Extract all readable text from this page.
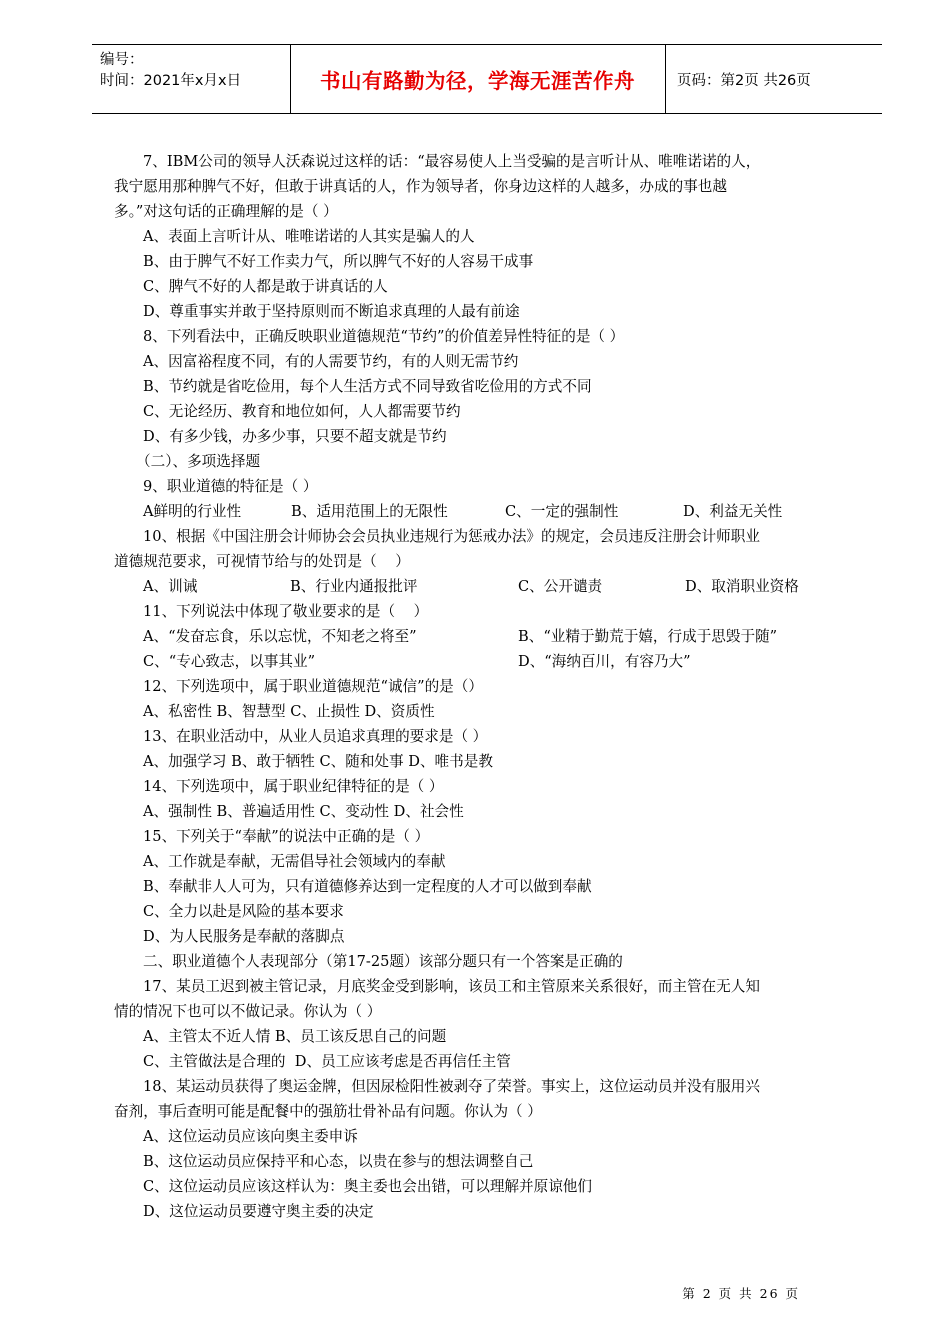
编号：
时间：2021年x月x日	书山有路勤为径，学海无涯苦作舟	页码：第2页 共26页
7、IBM公司的领导人沃森说过这样的话：“最容易使人上当受骗的是言听计从、唯唯诺诺的人，
我宁愿用那种脾气不好，但敢于讲真话的人，作为领导者，你身边这样的人越多，办成的事也越
多。”对这句话的正确理解的是（ ）
A、表面上言听计从、唯唯诺诺的人其实是骗人的人
B、由于脾气不好工作卖力气，所以脾气不好的人容易干成事
C、脾气不好的人都是敢于讲真话的人
D、尊重事实并敢于坚持原则而不断追求真理的人最有前途
8、下列看法中，正确反映职业道德规范“节约”的价值差异性特征的是（ ）
A、因富裕程度不同，有的人需要节约，有的人则无需节约
B、节约就是省吃俭用，每个人生活方式不同导致省吃俭用的方式不同
C、无论经历、教育和地位如何，人人都需要节约
D、有多少钱，办多少事，只要不超支就是节约
（二）、多项选择题
9、职业道德的特征是（ ）
A鲜明的行业性	B、适用范围上的无限性	C、一定的强制性	D、利益无关性
10、根据《中国注册会计师协会会员执业违规行为惩戒办法》的规定，会员违反注册会计师职业
道德规范要求，可视情节给与的处罚是（    ）
A、训诫	B、行业内通报批评	C、公开谴责	D、取消职业资格
11、下列说法中体现了敬业要求的是（    ）
A、“发奋忘食，乐以忘忧，不知老之将至”	B、“业精于勤荒于嬉，行成于思毁于随”
C、“专心致志，以事其业”	D、“海纳百川，有容乃大”
12、下列选项中，属于职业道德规范“诚信”的是（）
A、私密性 B、智慧型 C、止损性 D、资质性
13、在职业活动中，从业人员追求真理的要求是（ ）
A、加强学习 B、敢于牺牲 C、随和处事 D、唯书是教
14、下列选项中，属于职业纪律特征的是（ ）
A、强制性 B、普遍适用性 C、变动性 D、社会性
15、下列关于“奉献”的说法中正确的是（ ）
A、工作就是奉献，无需倡导社会领域内的奉献
B、奉献非人人可为，只有道德修养达到一定程度的人才可以做到奉献
C、全力以赴是风险的基本要求
D、为人民服务是奉献的落脚点
二、职业道德个人表现部分（第17-25题）该部分题只有一个答案是正确的
17、某员工迟到被主管记录，月底奖金受到影响，该员工和主管原来关系很好，而主管在无人知
情的情况下也可以不做记录。你认为（ ）
A、主管太不近人情 B、员工该反思自己的问题
C、主管做法是合理的  D、员工应该考虑是否再信任主管
18、某运动员获得了奥运金牌，但因尿检阳性被剥夺了荣誉。事实上，这位运动员并没有服用兴
奋剂，事后查明可能是配餐中的强筋壮骨补品有问题。你认为（ ）
A、这位运动员应该向奥主委申诉
B、这位运动员应保持平和心态，以贵在参与的想法调整自己
C、这位运动员应该这样认为：奥主委也会出错，可以理解并原谅他们
D、这位运动员要遵守奥主委的决定
第 2 页 共 26 页
